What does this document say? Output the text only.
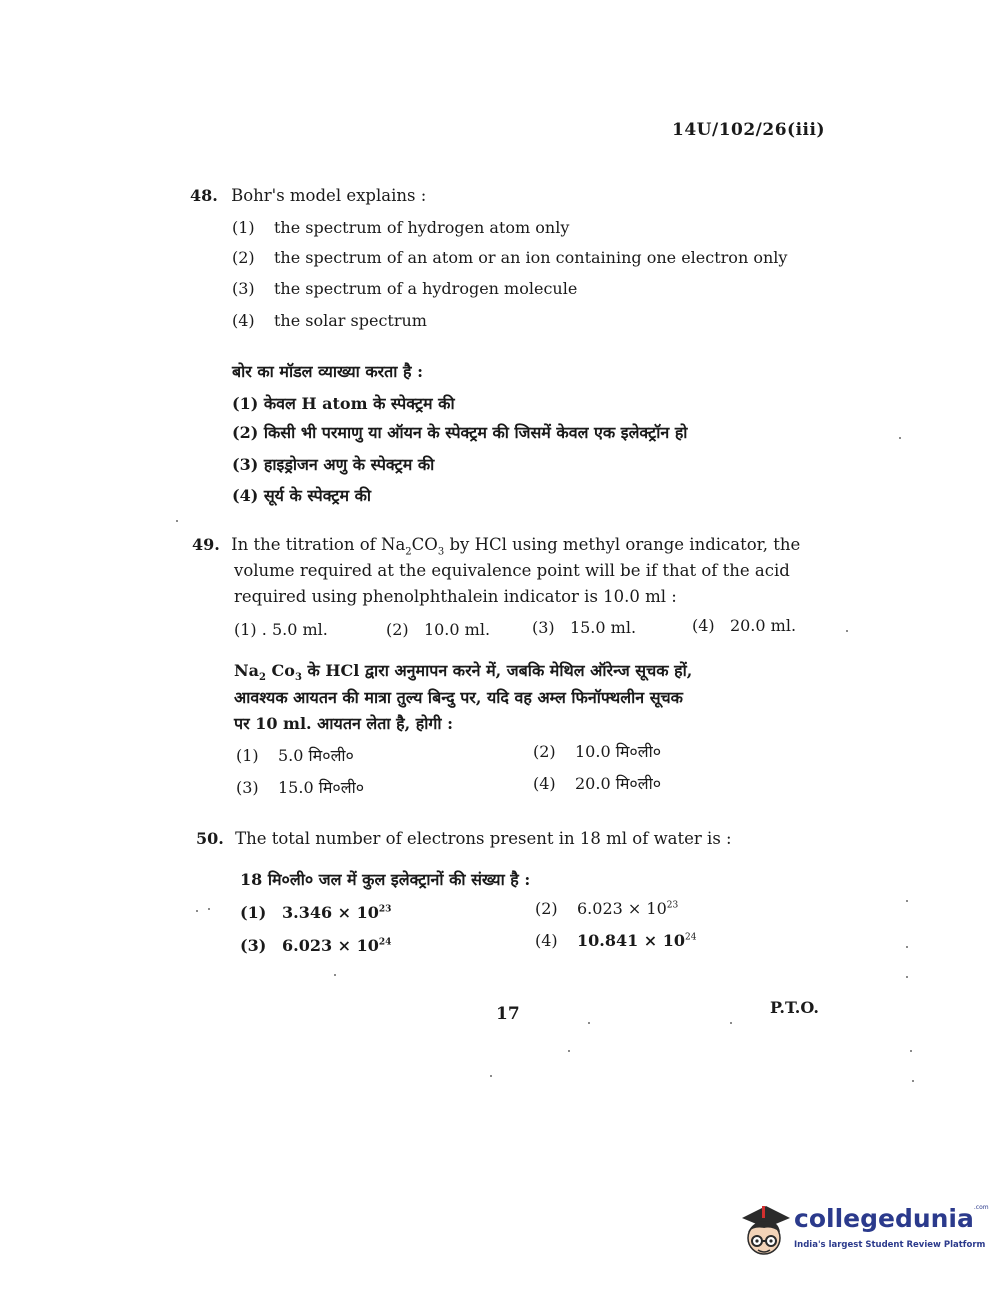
14U/102/26(iii)
48. Bohr's model explains :
(1) the spectrum of hydrogen atom only
(2) the spectrum of an atom or an ion containing one electron only
(3) the spectrum of a hydrogen molecule
(4) the solar spectrum
बोर का मॉडल व्याख्या करता है :
(1) केवल H atom के स्पेक्ट्रम की
(2) किसी भी परमाणु या ऑयन के स्पेक्ट्रम की जिसमें केवल एक इलेक्ट्रॉन हो
(3) हाइड्रोजन अणु के स्पेक्ट्रम की
(4) सूर्य के स्पेक्ट्रम की
49. In the titration of $Na_2CO_3$ by HCl using methyl orange indicator, the
volume required at the equivalence point will be if that of the acid
required using phenolphthalein indicator is 10.0 ml :
(1) . 5.0 ml.	(2) 10.0 ml.	(3) 15.0 ml.	(4) 20.0 ml.
$Na_2$ $Co_3$ के HCl द्वारा अनुमापन करने में, जबकि मेथिल ऑरेन्ज सूचक हों,
आवश्यक आयतन की मात्रा तुल्य बिन्दु पर, यदि वह अम्ल फिनॉफ्थलीन सूचक
पर 10 ml. आयतन लेता है, होगी :
(1) 5.0 मि०ली०	(2) 10.0 मि०ली०
(3) 15.0 मि०ली०	(4) 20.0 मि०ली०
50. The total number of electrons present in 18 ml of water is :
18 मि०ली० जल में कुल इलेक्ट्रानों की संख्या है :
(1) $3.346 \times 10^{23}$	(2) $6.023 \times 10^{23}$
(3) $6.023 \times 10^{24}$	(4) $10.841 \times 10^{24}$
17	P.T.O.
collegedunia$^{.com}$
India's largest Student Review Platform
